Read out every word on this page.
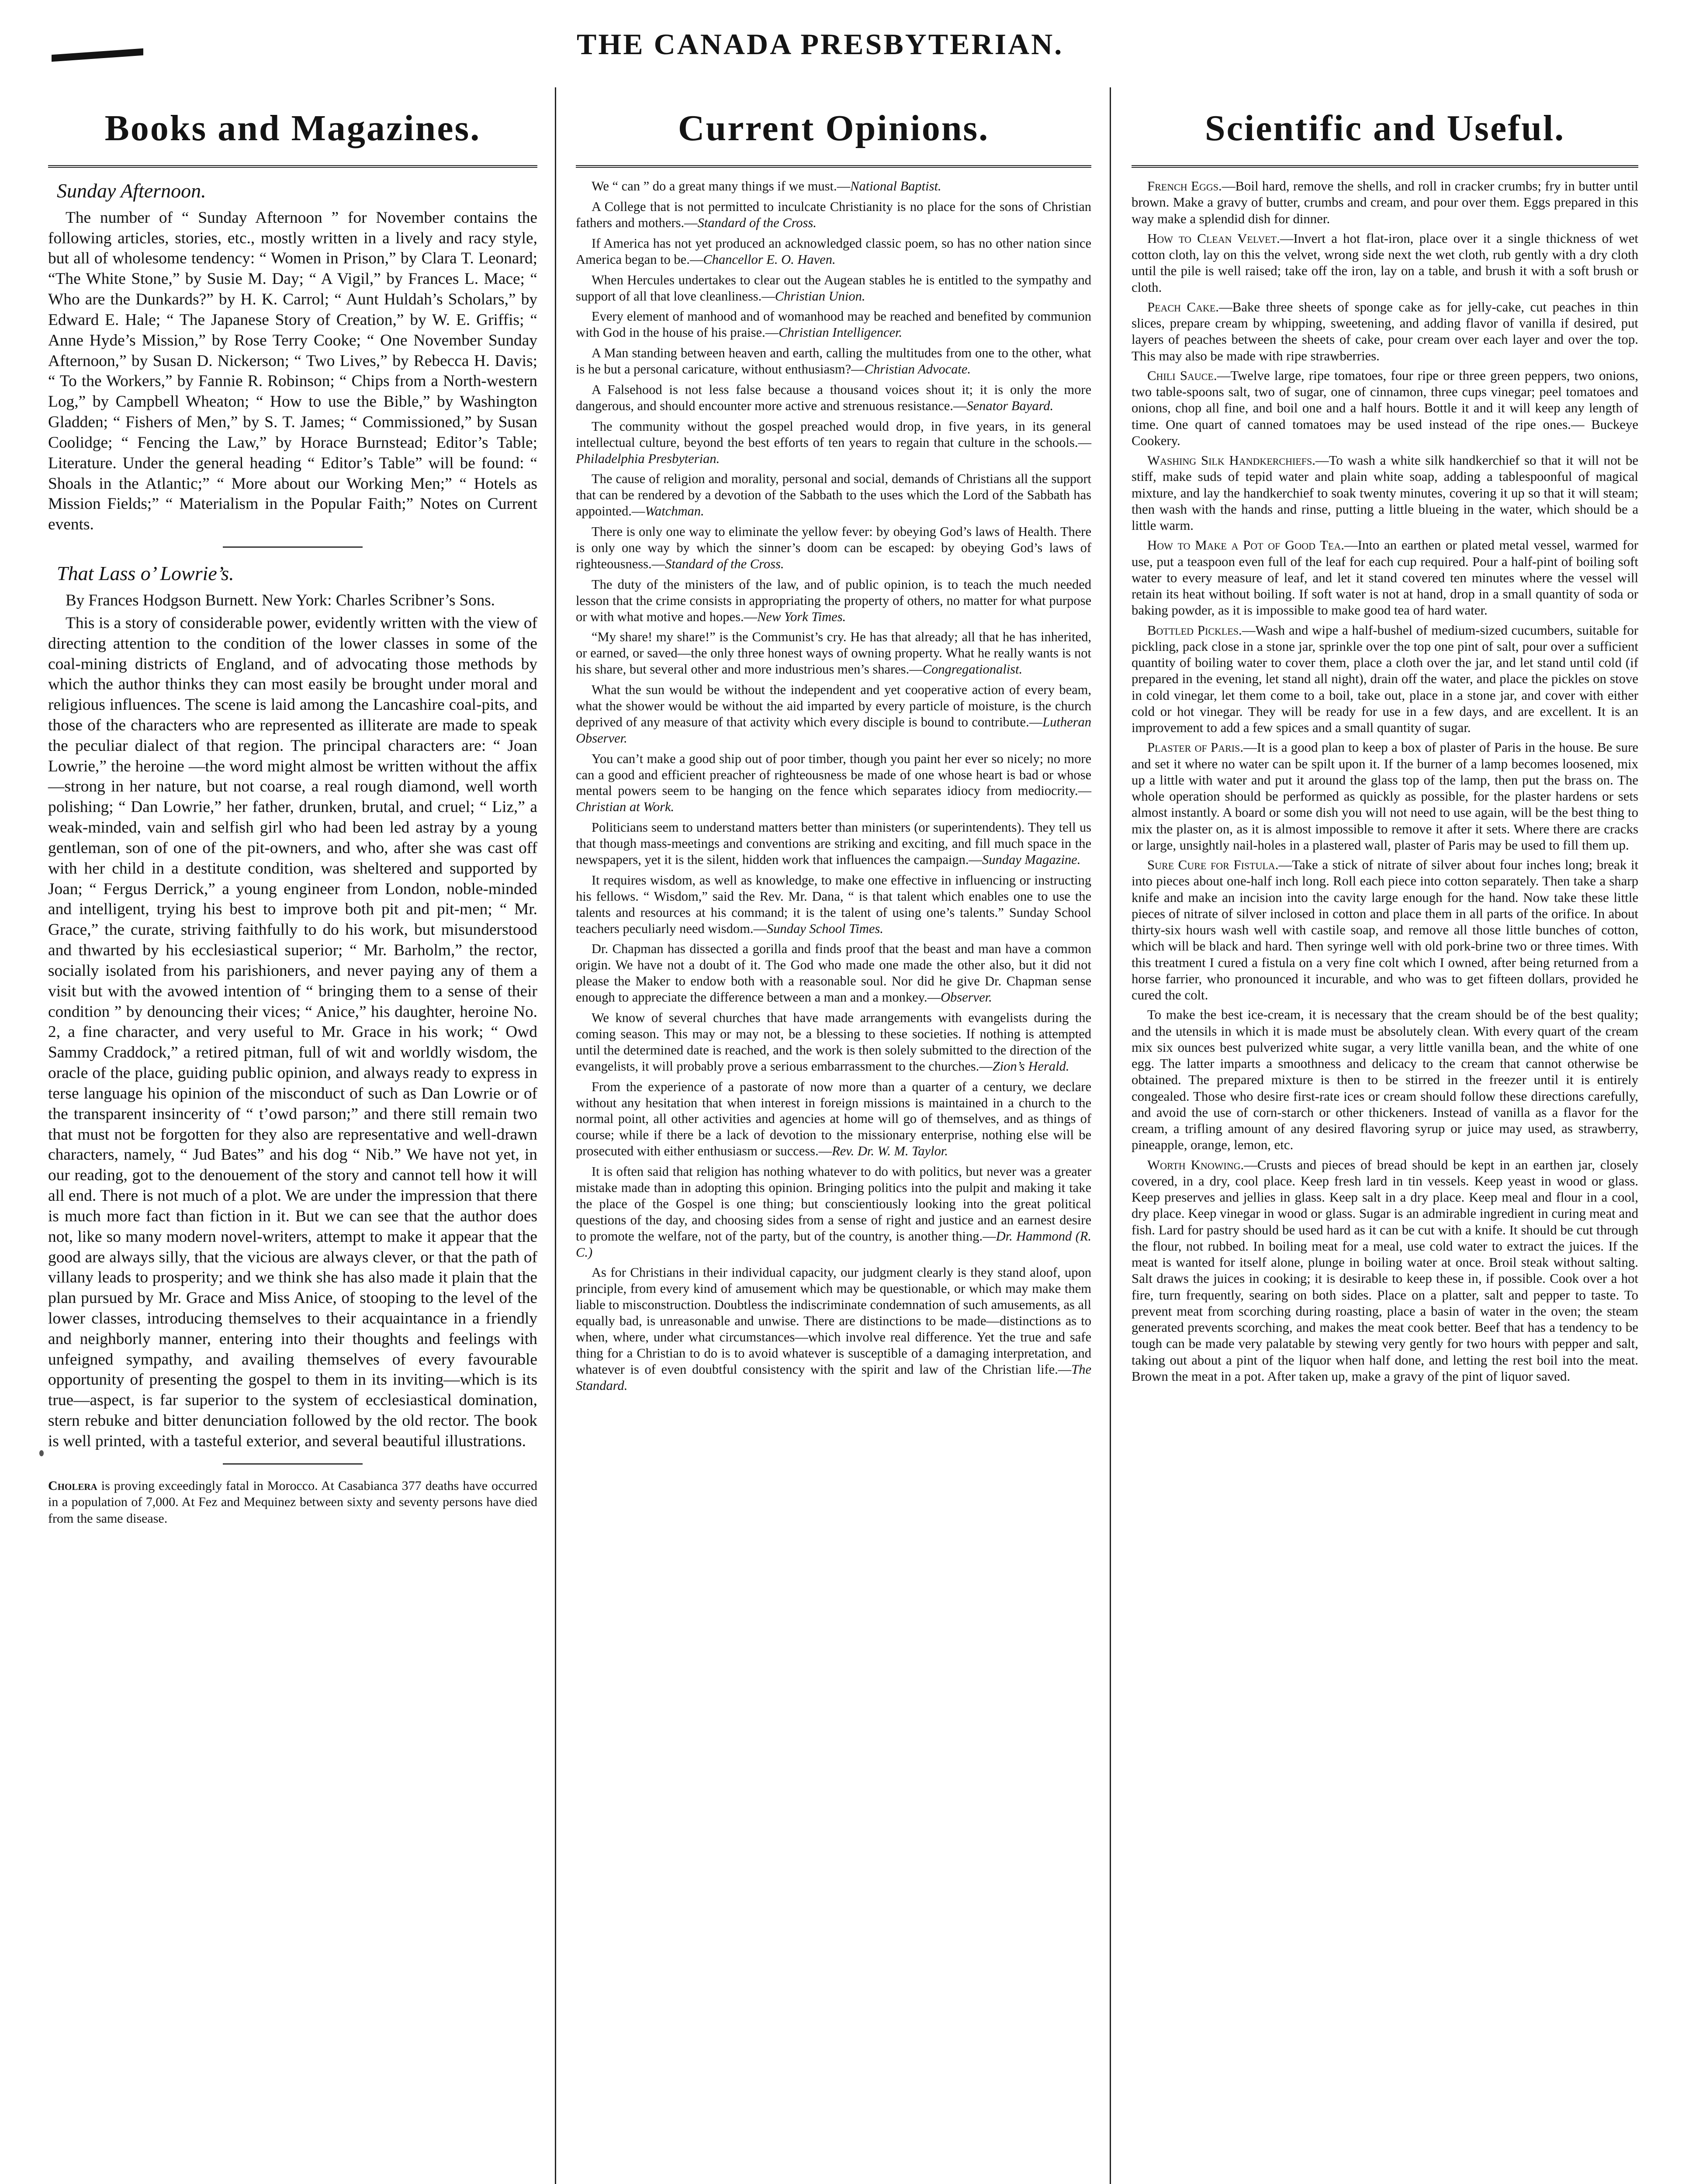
THE CANADA PRESBYTERIAN.
Books and Magazines.
Sunday Afternoon.

The number of “ Sunday Afternoon ” for November contains the following articles, stories, etc., mostly written in a lively and racy style, but all of wholesome tendency: “ Women in Prison,” by Clara T. Leonard; “The White Stone,” by Susie M. Day; “ A Vigil,” by Frances L. Mace; “ Who are the Dunkards?” by H. K. Carrol; “ Aunt Huldah’s Scholars,” by Edward E. Hale; “ The Japanese Story of Creation,” by W. E. Griffis; “ Anne Hyde’s Mission,” by Rose Terry Cooke; “ One November Sunday Afternoon,” by Susan D. Nickerson; “ Two Lives,” by Rebecca H. Davis; “ To the Workers,” by Fannie R. Robinson; “ Chips from a North-western Log,” by Campbell Wheaton; “ How to use the Bible,” by Washington Gladden; “ Fishers of Men,” by S. T. James; “ Commissioned,” by Susan Coolidge; “ Fencing the Law,” by Horace Burnstead; Editor’s Table; Literature. Under the general heading “ Editor’s Table” will be found: “ Shoals in the Atlantic;” “ More about our Working Men;” “ Hotels as Mission Fields;” “ Materialism in the Popular Faith;” Notes on Current events.

That Lass o’ Lowrie’s.
By Frances Hodgson Burnett. New York: Charles Scribner’s Sons.

This is a story of considerable power, evidently written with the view of directing attention to the condition of the lower classes in some of the coal-mining districts of England, and of advocating those methods by which the author thinks they can most easily be brought under moral and religious influences. The scene is laid among the Lancashire coal-pits, and those of the characters who are represented as illiterate are made to speak the peculiar dialect of that region. The principal characters are: “ Joan Lowrie,” the heroine —the word might almost be written without the affix —strong in her nature, but not coarse, a real rough diamond, well worth polishing; “ Dan Lowrie,” her father, drunken, brutal, and cruel; “ Liz,” a weak-minded, vain and selfish girl who had been led astray by a young gentleman, son of one of the pit-owners, and who, after she was cast off with her child in a destitute condition, was sheltered and supported by Joan; “ Fergus Derrick,” a young engineer from London, noble-minded and intelligent, trying his best to improve both pit and pit-men; “ Mr. Grace,” the curate, striving faithfully to do his work, but misunderstood and thwarted by his ecclesiastical superior; “ Mr. Barholm,” the rector, socially isolated from his parishioners, and never paying any of them a visit but with the avowed intention of “ bringing them to a sense of their condition ” by denouncing their vices; “ Anice,” his daughter, heroine No. 2, a fine character, and very useful to Mr. Grace in his work; “ Owd Sammy Craddock,” a retired pitman, full of wit and worldly wisdom, the oracle of the place, guiding public opinion, and always ready to express in terse language his opinion of the misconduct of such as Dan Lowrie or of the transparent insincerity of “ t’owd parson;” and there still remain two that must not be forgotten for they also are representative and well-drawn characters, namely, “ Jud Bates” and his dog “ Nib.” We have not yet, in our reading, got to the denouement of the story and cannot tell how it will all end. There is not much of a plot. We are under the impression that there is much more fact than fiction in it. But we can see that the author does not, like so many modern novel-writers, attempt to make it appear that the good are always silly, that the vicious are always clever, or that the path of villany leads to prosperity; and we think she has also made it plain that the plan pursued by Mr. Grace and Miss Anice, of stooping to the level of the lower classes, introducing themselves to their acquaintance in a friendly and neighborly manner, entering into their thoughts and feelings with unfeigned sympathy, and availing themselves of every favourable opportunity of presenting the gospel to them in its inviting—which is its true—aspect, is far superior to the system of ecclesiastical domination, stern rebuke and bitter denunciation followed by the old rector. The book is well printed, with a tasteful exterior, and several beautiful illustrations.

Cholera is proving exceedingly fatal in Morocco. At Casabianca 377 deaths have occurred in a population of 7,000. At Fez and Mequinez between sixty and seventy persons have died from the same disease.
Current Opinions.

We “ can ” do a great many things if we must.—National Baptist.

A College that is not permitted to inculcate Christianity is no place for the sons of Christian fathers and mothers.—Standard of the Cross.

If America has not yet produced an acknowledged classic poem, so has no other nation since America began to be.—Chancellor E. O. Haven.

When Hercules undertakes to clear out the Augean stables he is entitled to the sympathy and support of all that love cleanliness.—Christian Union.

Every element of manhood and of womanhood may be reached and benefited by communion with God in the house of his praise.—Christian Intelligencer.

A Man standing between heaven and earth, calling the multitudes from one to the other, what is he but a personal caricature, without enthusiasm?—Christian Advocate.

A Falsehood is not less false because a thousand voices shout it; it is only the more dangerous, and should encounter more active and strenuous resistance.—Senator Bayard.

The community without the gospel preached would drop, in five years, in its general intellectual culture, beyond the best efforts of ten years to regain that culture in the schools.—Philadelphia Presbyterian.

The cause of religion and morality, personal and social, demands of Christians all the support that can be rendered by a devotion of the Sabbath to the uses which the Lord of the Sabbath has appointed.—Watchman.

There is only one way to eliminate the yellow fever: by obeying God’s laws of Health. There is only one way by which the sinner’s doom can be escaped: by obeying God’s laws of righteousness.—Standard of the Cross.

The duty of the ministers of the law, and of public opinion, is to teach the much needed lesson that the crime consists in appropriating the property of others, no matter for what purpose or with what motive and hopes.—New York Times.

“My share! my share!” is the Communist’s cry. He has that already; all that he has inherited, or earned, or saved—the only three honest ways of owning property. What he really wants is not his share, but several other and more industrious men’s shares.—Congregationalist.

What the sun would be without the independent and yet cooperative action of every beam, what the shower would be without the aid imparted by every particle of moisture, is the church deprived of any measure of that activity which every disciple is bound to contribute.—Lutheran Observer.

You can’t make a good ship out of poor timber, though you paint her ever so nicely; no more can a good and efficient preacher of righteousness be made of one whose heart is bad or whose mental powers seem to be hanging on the fence which separates idiocy from mediocrity.—Christian at Work.

Politicians seem to understand matters better than ministers (or superintendents). They tell us that though mass-meetings and conventions are striking and exciting, and fill much space in the newspapers, yet it is the silent, hidden work that influences the campaign.—Sunday Magazine.

It requires wisdom, as well as knowledge, to make one effective in influencing or instructing his fellows. “ Wisdom,” said the Rev. Mr. Dana, “ is that talent which enables one to use the talents and resources at his command; it is the talent of using one’s talents.” Sunday School teachers peculiarly need wisdom.—Sunday School Times.

Dr. Chapman has dissected a gorilla and finds proof that the beast and man have a common origin. We have not a doubt of it. The God who made one made the other also, but it did not please the Maker to endow both with a reasonable soul. Nor did he give Dr. Chapman sense enough to appreciate the difference between a man and a monkey.—Observer.

We know of several churches that have made arrangements with evangelists during the coming season. This may or may not, be a blessing to these societies. If nothing is attempted until the determined date is reached, and the work is then solely submitted to the direction of the evangelists, it will probably prove a serious embarrassment to the churches.—Zion’s Herald.

From the experience of a pastorate of now more than a quarter of a century, we declare without any hesitation that when interest in foreign missions is maintained in a church to the normal point, all other activities and agencies at home will go of themselves, and as things of course; while if there be a lack of devotion to the missionary enterprise, nothing else will be prosecuted with either enthusiasm or success.—Rev. Dr. W. M. Taylor.

It is often said that religion has nothing whatever to do with politics, but never was a greater mistake made than in adopting this opinion. Bringing politics into the pulpit and making it take the place of the Gospel is one thing; but conscientiously looking into the great political questions of the day, and choosing sides from a sense of right and justice and an earnest desire to promote the welfare, not of the party, but of the country, is another thing.—Dr. Hammond (R. C.)

As for Christians in their individual capacity, our judgment clearly is they stand aloof, upon principle, from every kind of amusement which may be questionable, or which may make them liable to misconstruction. Doubtless the indiscriminate condemnation of such amusements, as all equally bad, is unreasonable and unwise. There are distinctions to be made—distinctions as to when, where, under what circumstances—which involve real difference. Yet the true and safe thing for a Christian to do is to avoid whatever is susceptible of a damaging interpretation, and whatever is of even doubtful consistency with the spirit and law of the Christian life.—The Standard.

Scientific and Useful.

French Eggs.—Boil hard, remove the shells, and roll in cracker crumbs; fry in butter until brown. Make a gravy of butter, crumbs and cream, and pour over them. Eggs prepared in this way make a splendid dish for dinner.

How to Clean Velvet.—Invert a hot flat-iron, place over it a single thickness of wet cotton cloth, lay on this the velvet, wrong side next the wet cloth, rub gently with a dry cloth until the pile is well raised; take off the iron, lay on a table, and brush it with a soft brush or cloth.

Peach Cake.—Bake three sheets of sponge cake as for jelly-cake, cut peaches in thin slices, prepare cream by whipping, sweetening, and adding flavor of vanilla if desired, put layers of peaches between the sheets of cake, pour cream over each layer and over the top. This may also be made with ripe strawberries.

Chili Sauce.—Twelve large, ripe tomatoes, four ripe or three green peppers, two onions, two table-spoons salt, two of sugar, one of cinnamon, three cups vinegar; peel tomatoes and onions, chop all fine, and boil one and a half hours. Bottle it and it will keep any length of time. One quart of canned tomatoes may be used instead of the ripe ones.— Buckeye Cookery.

Washing Silk Handkerchiefs.—To wash a white silk handkerchief so that it will not be stiff, make suds of tepid water and plain white soap, adding a tablespoonful of magical mixture, and lay the handkerchief to soak twenty minutes, covering it up so that it will steam; then wash with the hands and rinse, putting a little blueing in the water, which should be a little warm.

How to Make a Pot of Good Tea.—Into an earthen or plated metal vessel, warmed for use, put a teaspoon even full of the leaf for each cup required. Pour a half-pint of boiling soft water to every measure of leaf, and let it stand covered ten minutes where the vessel will retain its heat without boiling. If soft water is not at hand, drop in a small quantity of soda or baking powder, as it is impossible to make good tea of hard water.

Bottled Pickles.—Wash and wipe a half-bushel of medium-sized cucumbers, suitable for pickling, pack close in a stone jar, sprinkle over the top one pint of salt, pour over a sufficient quantity of boiling water to cover them, place a cloth over the jar, and let stand until cold (if prepared in the evening, let stand all night), drain off the water, and place the pickles on stove in cold vinegar, let them come to a boil, take out, place in a stone jar, and cover with either cold or hot vinegar. They will be ready for use in a few days, and are excellent. It is an improvement to add a few spices and a small quantity of sugar.

Plaster of Paris.—It is a good plan to keep a box of plaster of Paris in the house. Be sure and set it where no water can be spilt upon it. If the burner of a lamp becomes loosened, mix up a little with water and put it around the glass top of the lamp, then put the brass on. The whole operation should be performed as quickly as possible, for the plaster hardens or sets almost instantly. A board or some dish you will not need to use again, will be the best thing to mix the plaster on, as it is almost impossible to remove it after it sets. Where there are cracks or large, unsightly nail-holes in a plastered wall, plaster of Paris may be used to fill them up.

Sure Cure for Fistula.—Take a stick of nitrate of silver about four inches long; break it into pieces about one-half inch long. Roll each piece into cotton separately. Then take a sharp knife and make an incision into the cavity large enough for the hand. Now take these little pieces of nitrate of silver inclosed in cotton and place them in all parts of the orifice. In about thirty-six hours wash well with castile soap, and remove all those little bunches of cotton, which will be black and hard. Then syringe well with old pork-brine two or three times. With this treatment I cured a fistula on a very fine colt which I owned, after being returned from a horse farrier, who pronounced it incurable, and who was to get fifteen dollars, provided he cured the colt.

To make the best ice-cream, it is necessary that the cream should be of the best quality; and the utensils in which it is made must be absolutely clean. With every quart of the cream mix six ounces best pulverized white sugar, a very little vanilla bean, and the white of one egg. The latter imparts a smoothness and delicacy to the cream that cannot otherwise be obtained. The prepared mixture is then to be stirred in the freezer until it is entirely congealed. Those who desire first-rate ices or cream should follow these directions carefully, and avoid the use of corn-starch or other thickeners. Instead of vanilla as a flavor for the cream, a trifling amount of any desired flavoring syrup or juice may used, as strawberry, pineapple, orange, lemon, etc.

Worth Knowing.—Crusts and pieces of bread should be kept in an earthen jar, closely covered, in a dry, cool place. Keep fresh lard in tin vessels. Keep yeast in wood or glass. Keep preserves and jellies in glass. Keep salt in a dry place. Keep meal and flour in a cool, dry place. Keep vinegar in wood or glass. Sugar is an admirable ingredient in curing meat and fish. Lard for pastry should be used hard as it can be cut with a knife. It should be cut through the flour, not rubbed. In boiling meat for a meal, use cold water to extract the juices. If the meat is wanted for itself alone, plunge in boiling water at once. Broil steak without salting. Salt draws the juices in cooking; it is desirable to keep these in, if possible. Cook over a hot fire, turn frequently, searing on both sides. Place on a platter, salt and pepper to taste. To prevent meat from scorching during roasting, place a basin of water in the oven; the steam generated prevents scorching, and makes the meat cook better. Beef that has a tendency to be tough can be made very palatable by stewing very gently for two hours with pepper and salt, taking out about a pint of the liquor when half done, and letting the rest boil into the meat. Brown the meat in a pot. After taken up, make a gravy of the pint of liquor saved.
